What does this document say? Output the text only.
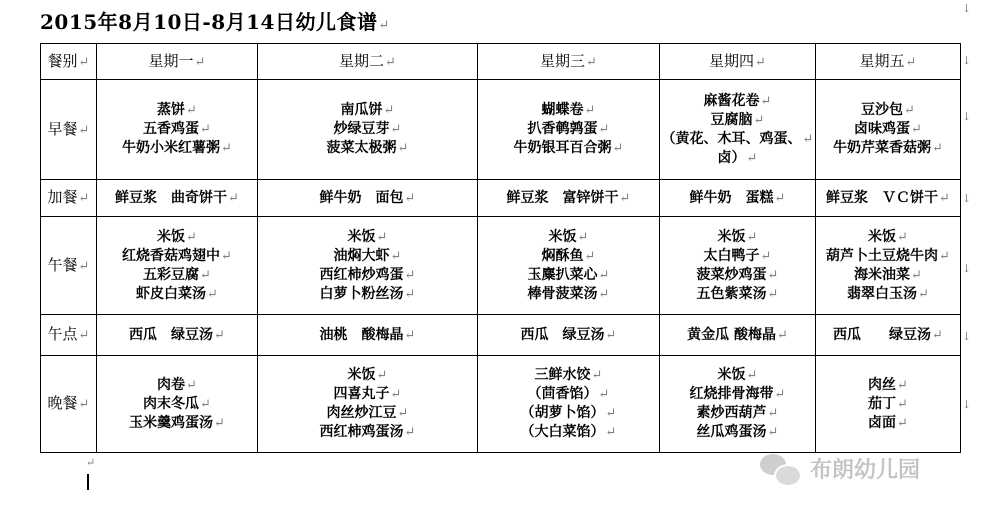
2015年8月10日-8月14日幼儿食谱↵
↓
↓
↓
↓
↓
↓
↓
餐别↵	星期一↵	星期二↵	星期三↵	星期四↵	星期五↵
早餐↵	蒸饼↵
五香鸡蛋↵
牛奶小米红薯粥↵	南瓜饼↵
炒绿豆芽↵
菠菜太极粥↵	蝴蝶卷↵
扒香鹌鹑蛋↵
牛奶银耳百合粥↵	麻酱花卷↵
豆腐脑↵
（黄花、木耳、鸡蛋、↵
卤）↵	豆沙包↵
卤味鸡蛋↵
牛奶芹菜香菇粥↵

加餐↵	鲜豆浆　曲奇饼干↵	鲜牛奶　面包↵	鲜豆浆　富锌饼干↵	鲜牛奶　蛋糕↵	鲜豆浆　ＶＣ饼干↵

午餐↵	米饭↵
红烧香菇鸡翅中↵
五彩豆腐↵
虾皮白菜汤↵	米饭↵
油焖大虾↵
西红柿炒鸡蛋↵
白萝卜粉丝汤↵	米饭↵
焖酥鱼↵
玉麋扒菜心↵
棒骨菠菜汤↵	米饭↵
太白鸭子↵
菠菜炒鸡蛋↵
五色紫菜汤↵	米饭↵
葫芦卜土豆烧牛肉↵
海米油菜↵
翡翠白玉汤↵

午点↵	西瓜　绿豆汤↵	油桃　酸梅晶↵	西瓜　绿豆汤↵	黄金瓜 酸梅晶↵	西瓜　　绿豆汤↵

晚餐↵	肉卷↵
肉末冬瓜↵
玉米羹鸡蛋汤↵	米饭↵
四喜丸子↵
肉丝炒江豆↵
西红柿鸡蛋汤↵	三鲜水饺↵
（茴香馅）↵
（胡萝卜馅）↵
（大白菜馅）↵	米饭↵
红烧排骨海带↵
素炒西葫芦↵
丝瓜鸡蛋汤↵	肉丝↵
茄丁↵
卤面↵
↵	布朗幼儿园
